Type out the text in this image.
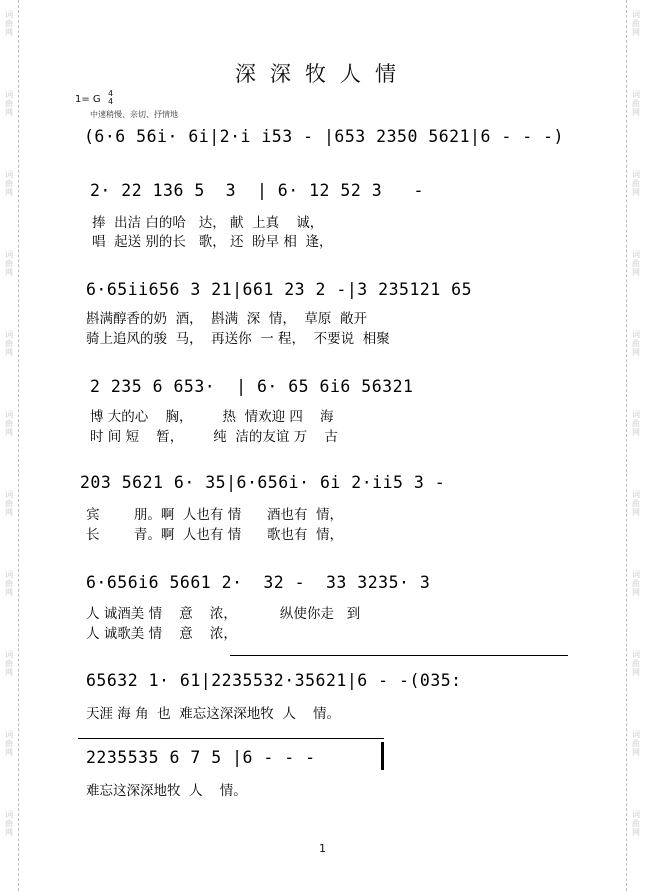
词曲网
词曲网
词曲网
词曲网
词曲网
词曲网
词曲网
词曲网
词曲网
词曲网
词曲网
词曲网
词曲网
词曲网
词曲网
词曲网
词曲网
词曲网
词曲网
词曲网
词曲网
词曲网
深深牧人情
1= G
4
4
中速稍慢、亲切、抒情地
(6·6 56i· 6i|2·i i53 - |653 2350 5621|6 - - -)
2· 22 136 5  3  | 6· 12 52 3   -
捧  出洁 白的哈   达， 献  上真    诚，
唱  起送 别的长   歌， 还  盼早 相  逢，
6·65ii656 3 21|661 23 2 -|3 235121 65
斟满醇香的奶  酒，  斟满  深  情，  草原  敞开
骑上追风的骏  马，  再送你  一 程，  不要说  相聚
2 235 6 653·  | 6· 65 6i6 56321
博 大的心    胸，       热  情欢迎 四    海
时 间 短    暂，       纯  洁的友谊 万    古
203 5621 6· 35|6·656i· 6i 2·ii5 3 -
宾        朋。啊  人也有 情      酒也有  情，
长        青。啊  人也有 情      歌也有  情，
6·656i6 5661 2·  32 -  33 3235· 3
人 诚酒美 情    意    浓，          纵使你走   到
人 诚歌美 情    意    浓，
65632 1· 61|2235532·35621|6 - -(035:
天涯 海 角  也  难忘这深深地牧  人    情。
2235535 6 7 5 |6 - - -
难忘这深深地牧  人    情。
1
